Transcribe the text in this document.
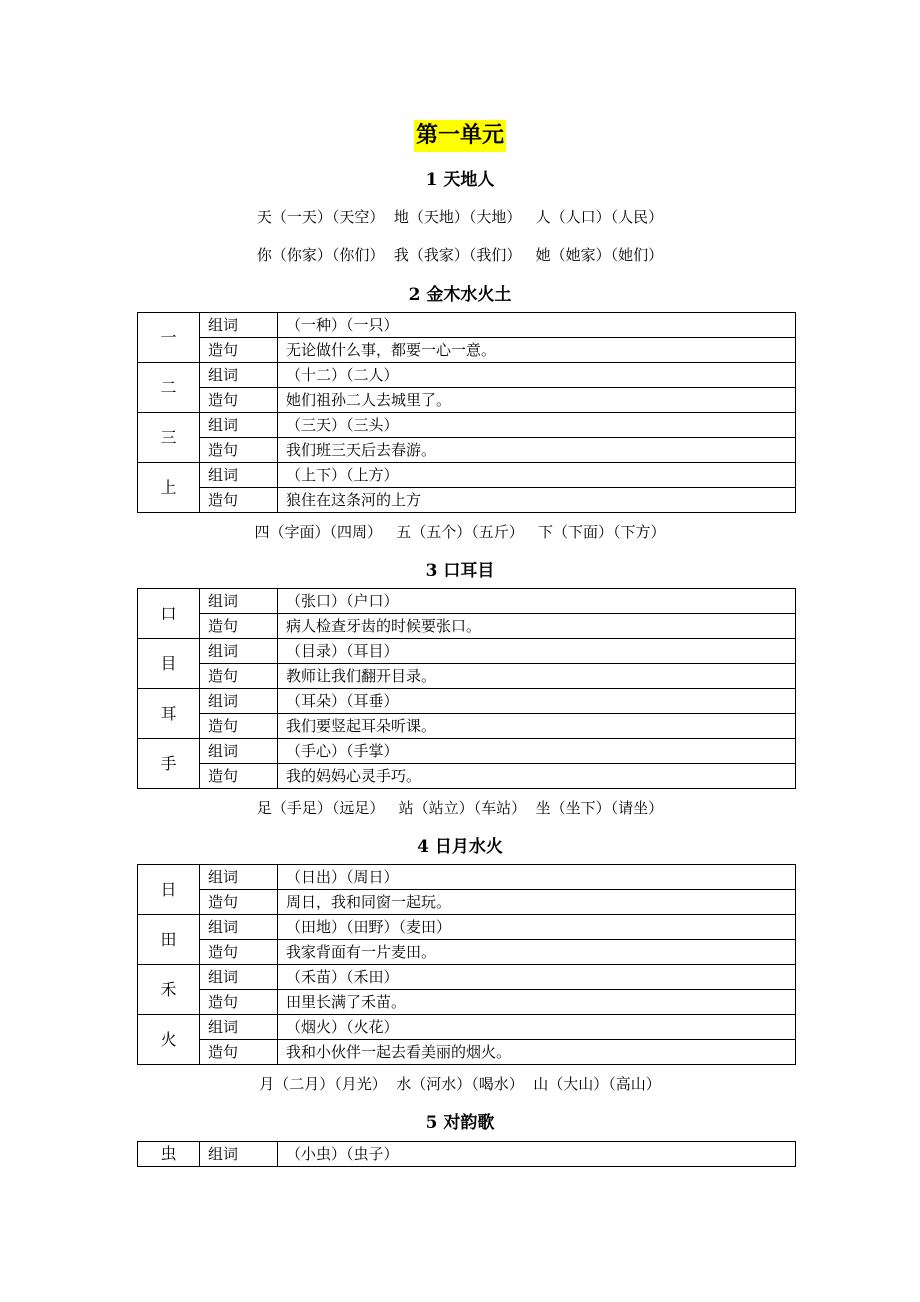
第一单元
1 天地人
天（一天）（天空）  地（天地）（大地）   人（人口）（人民）
你（你家）（你们）  我（我家）（我们）   她（她家）（她们）
2 金木水火土
一	组词	（一种）（一只）
	造句	无论做什么事，都要一心一意。
二	组词	（十二）（二人）
	造句	她们祖孙二人去城里了。
三	组词	（三天）（三头）
	造句	我们班三天后去春游。
上	组词	（上下）（上方）
	造句	狼住在这条河的上方
四（字面）（四周）   五（五个）（五斤）   下（下面）（下方）
3 口耳目
口	组词	（张口）（户口）
	造句	病人检查牙齿的时候要张口。
目	组词	（目录）（耳目）
	造句	教师让我们翻开目录。
耳	组词	（耳朵）（耳垂）
	造句	我们要竖起耳朵听课。
手	组词	（手心）（手掌）
	造句	我的妈妈心灵手巧。
足（手足）（远足）   站（站立）（车站）  坐（坐下）（请坐）
4 日月水火
日	组词	（日出）（周日）
	造句	周日，我和同窗一起玩。
田	组词	（田地）（田野）（麦田）
	造句	我家背面有一片麦田。
禾	组词	（禾苗）（禾田）
	造句	田里长满了禾苗。
火	组词	（烟火）（火花）
	造句	我和小伙伴一起去看美丽的烟火。
月（二月）（月光）  水（河水）（喝水）  山（大山）（高山）
5 对韵歌
虫	组词	（小虫）（虫子）
